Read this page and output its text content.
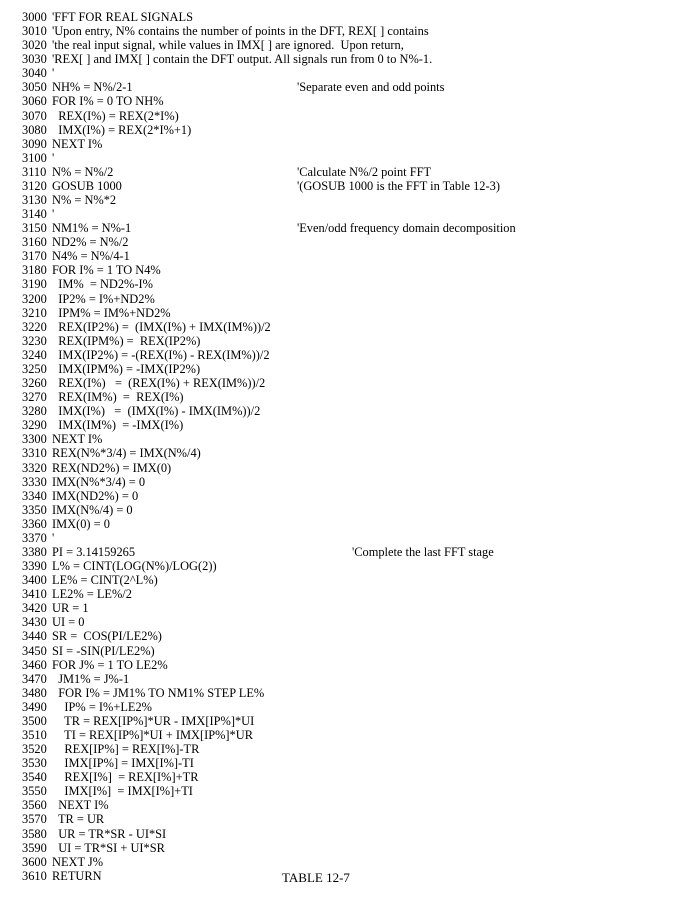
3000 'FFT FOR REAL SIGNALS
3010 'Upon entry, N% contains the number of points in the DFT, REX[ ] contains
3020 'the real input signal, while values in IMX[ ] are ignored.  Upon return,
3030 'REX[ ] and IMX[ ] contain the DFT output. All signals run from 0 to N%-1.
3040 '
3050 NH% = N%/2-1	'Separate even and odd points
3060 FOR I% = 0 TO NH%
3070 REX(I%) = REX(2*I%)
3080 IMX(I%) = REX(2*I%+1)
3090 NEXT I%
3100 '
3110 N% = N%/2	'Calculate N%/2 point FFT
3120 GOSUB 1000	'(GOSUB 1000 is the FFT in Table 12-3)
3130 N% = N%*2
3140 '
3150 NM1% = N%-1	'Even/odd frequency domain decomposition
3160 ND2% = N%/2
3170 N4% = N%/4-1
3180 FOR I% = 1 TO N4%
3190 IM%  = ND2%-I%
3200 IP2% = I%+ND2%
3210 IPM% = IM%+ND2%
3220 REX(IP2%) =  (IMX(I%) + IMX(IM%))/2
3230 REX(IPM%) =  REX(IP2%)
3240 IMX(IP2%) = -(REX(I%) - REX(IM%))/2
3250 IMX(IPM%) = -IMX(IP2%)
3260 REX(I%)   =  (REX(I%) + REX(IM%))/2
3270 REX(IM%)  =  REX(I%)
3280 IMX(I%)   =  (IMX(I%) - IMX(IM%))/2
3290 IMX(IM%)  = -IMX(I%)
3300 NEXT I%
3310 REX(N%*3/4) = IMX(N%/4)
3320 REX(ND2%) = IMX(0)
3330 IMX(N%*3/4) = 0
3340 IMX(ND2%) = 0
3350 IMX(N%/4) = 0
3360 IMX(0) = 0
3370 '
3380 PI = 3.14159265	'Complete the last FFT stage
3390 L% = CINT(LOG(N%)/LOG(2))
3400 LE% = CINT(2^L%)
3410 LE2% = LE%/2
3420 UR = 1
3430 UI = 0
3440 SR =  COS(PI/LE2%)
3450 SI = -SIN(PI/LE2%)
3460 FOR J% = 1 TO LE2%
3470 JM1% = J%-1
3480 FOR I% = JM1% TO NM1% STEP LE%
3490 IP% = I%+LE2%
3500 TR = REX[IP%]*UR - IMX[IP%]*UI
3510 TI = REX[IP%]*UI + IMX[IP%]*UR
3520 REX[IP%] = REX[I%]-TR
3530 IMX[IP%] = IMX[I%]-TI
3540 REX[I%]  = REX[I%]+TR
3550 IMX[I%]  = IMX[I%]+TI
3560 NEXT I%
3570 TR = UR
3580 UR = TR*SR - UI*SI
3590 UI = TR*SI + UI*SR
3600 NEXT J%
3610 RETURN	TABLE 12-7
